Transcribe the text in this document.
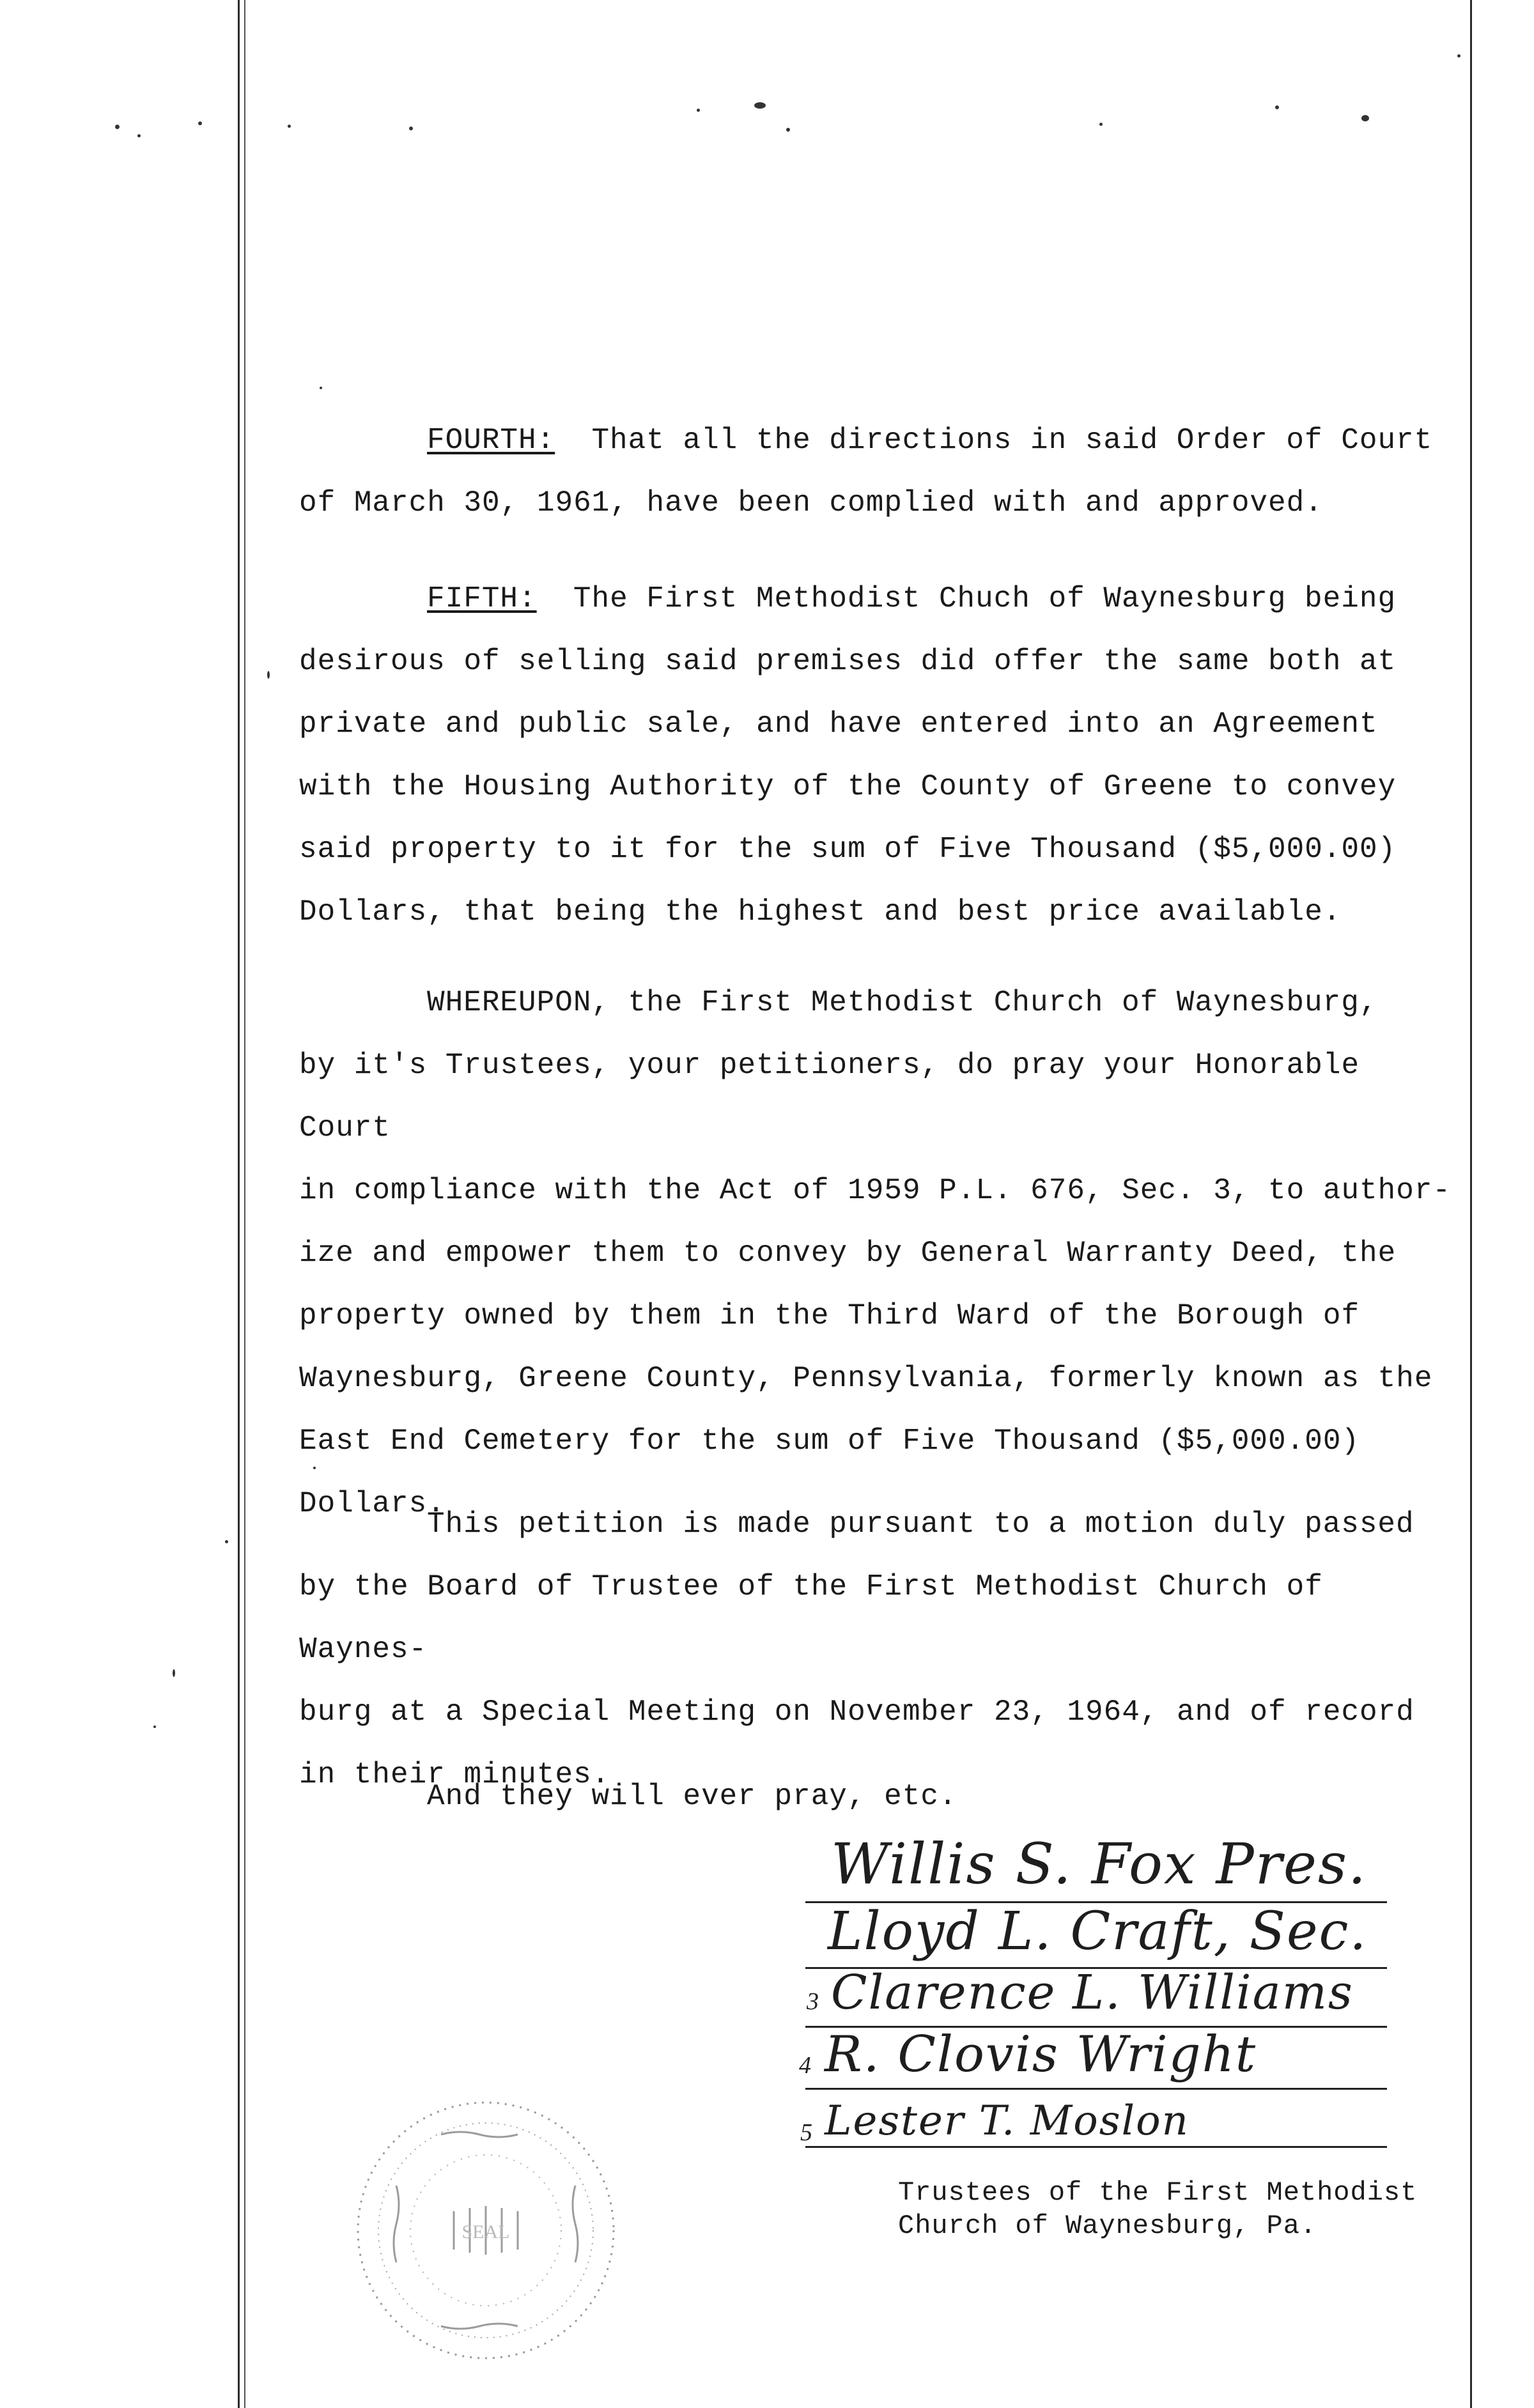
FOURTH: That all the directions in said Order of Court

of March 30, 1961, have been complied with and approved.

FIFTH: The First Methodist Chuch of Waynesburg being

desirous of selling said premises did offer the same both at

private and public sale, and have entered into an Agreement

with the Housing Authority of the County of Greene to convey

said property to it for the sum of Five Thousand ($5,000.00)

Dollars, that being the highest and best price available.

WHEREUPON, the First Methodist Church of Waynesburg,

by it's Trustees, your petitioners, do pray your Honorable Court

in compliance with the Act of 1959 P.L. 676, Sec. 3, to author-

ize and empower them to convey by General Warranty Deed, the

property owned by them in the Third Ward of the Borough of

Waynesburg, Greene County, Pennsylvania, formerly known as the

East End Cemetery for the sum of Five Thousand ($5,000.00)

Dollars.

This petition is made pursuant to a motion duly passed

by the Board of Trustee of the First Methodist Church of Waynes-

burg at a Special Meeting on November 23, 1964, and of record

in their minutes.

And they will ever pray, etc.

Willis S. Fox Pres.
Lloyd L. Craft, Sec.
3 Clarence L. Williams
4 R. Clovis Wright
5 Lester T. Moslon
Trustees of the First Methodist
Church of Waynesburg, Pa.
SEAL
